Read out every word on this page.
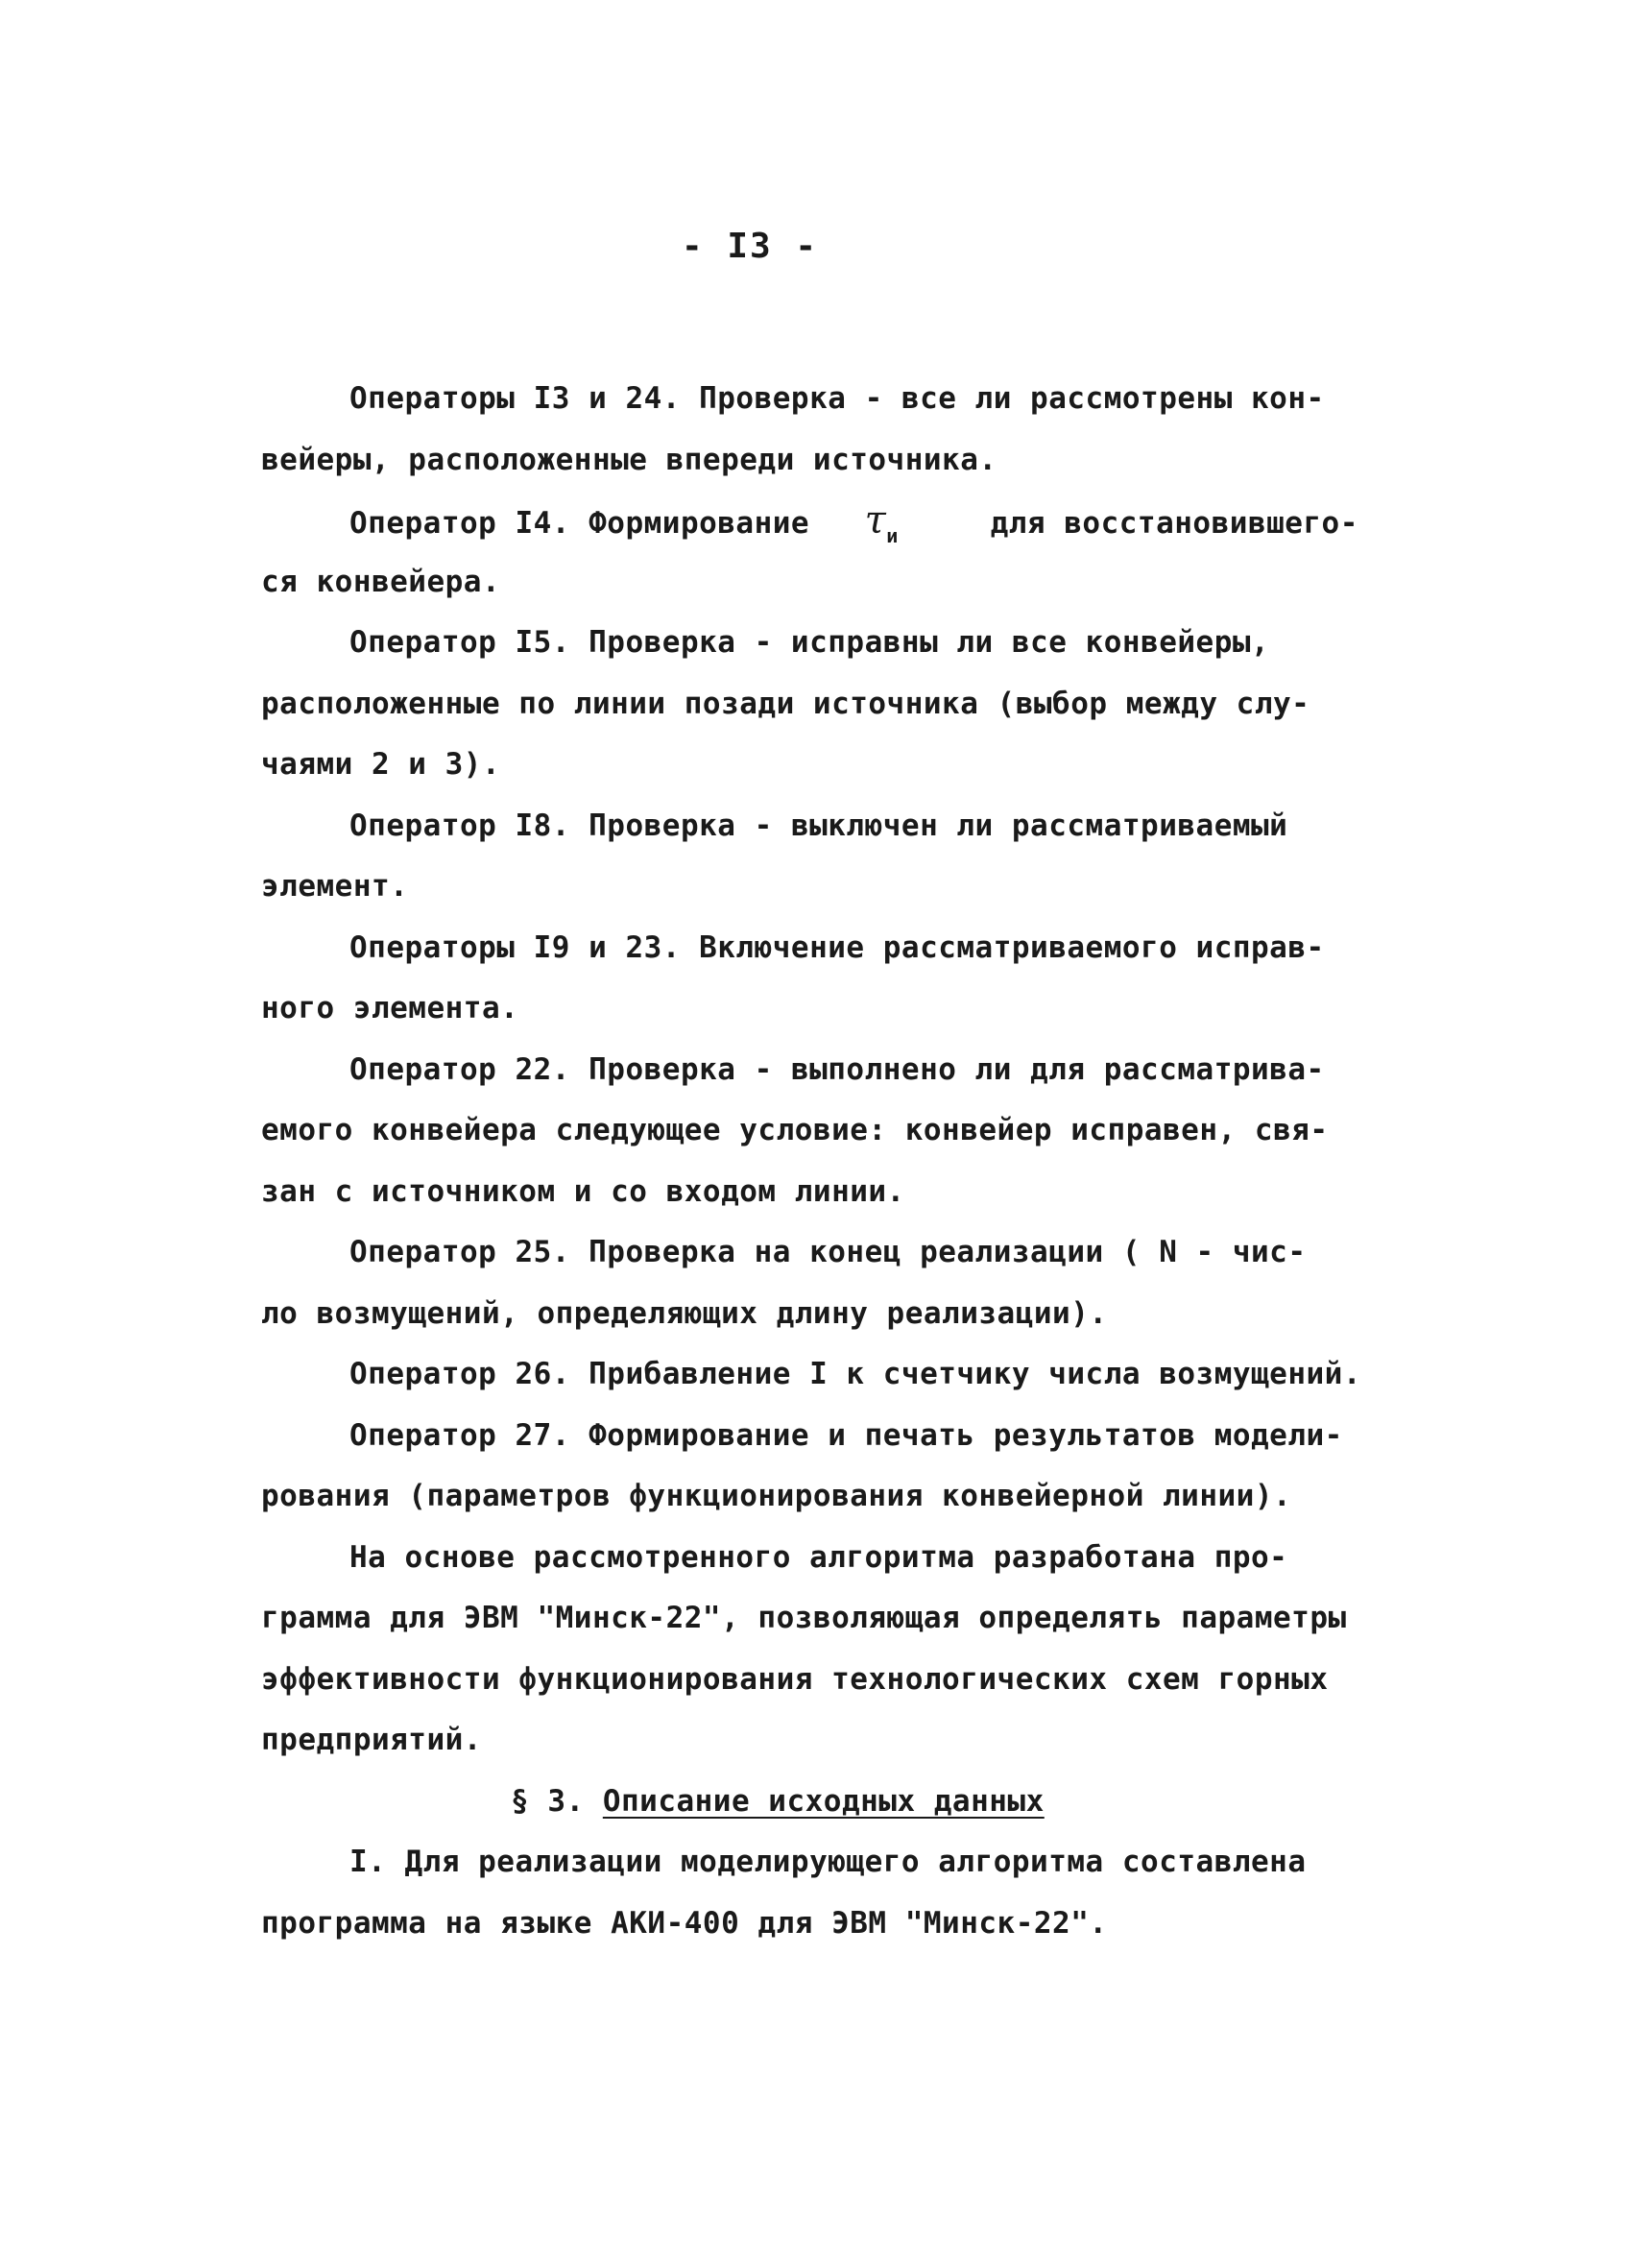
- I3 -
Операторы I3 и 24. Проверка - все ли рассмотрены кон-
вейеры, расположенные впереди источника.
Оператор I4. Формирование $\tau_и$	для восстановившего-
ся конвейера.
Оператор I5. Проверка - исправны ли все конвейеры,
расположенные по линии позади источника (выбор между слу-
чаями 2 и 3).
Оператор I8. Проверка - выключен ли рассматриваемый
элемент.
Операторы I9 и 23. Включение рассматриваемого исправ-
ного элемента.
Оператор 22. Проверка - выполнено ли для рассматрива-
емого конвейера следующее условие: конвейер исправен, свя-
зан с источником и со входом линии.
Оператор 25. Проверка на конец реализации ( N - чис-
ло возмущений, определяющих длину реализации).
Оператор 26. Прибавление I к счетчику числа возмущений.
Оператор 27. Формирование и печать результатов модели-
рования (параметров функционирования конвейерной линии).
На основе рассмотренного алгоритма разработана про-
грамма для ЭВМ "Минск-22", позволяющая определять параметры
эффективности функционирования технологических схем горных
предприятий.
§ 3. Описание исходных данных
I. Для реализации моделирующего алгоритма составлена
программа на языке АКИ-400 для ЭВМ "Минск-22".
